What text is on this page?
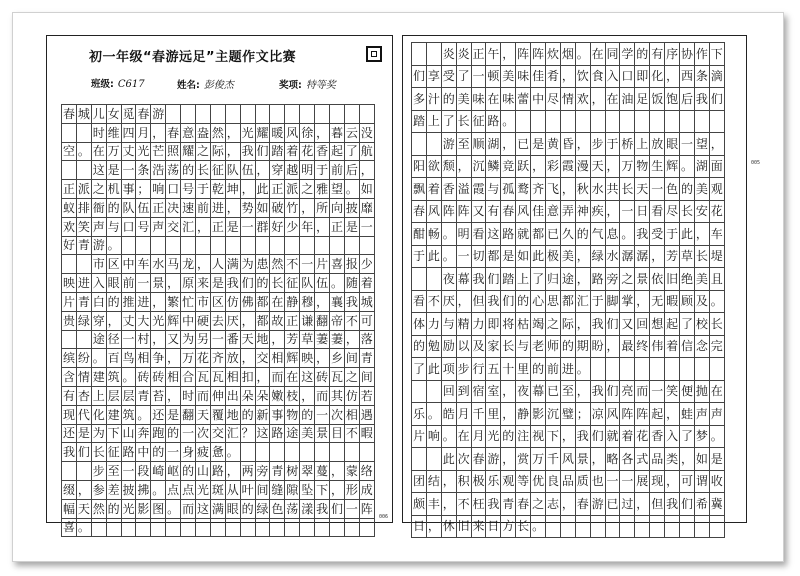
初一年级“春游远足”主题作文比赛
班级: C617	姓名: 彭俊杰	奖项: 特等奖
春 城 儿 女 觅 春 游
时 维 四 月 ， 春 意 盎 然 ， 光 耀 暖 风 徐 ， 暮 云 没
空 。 在 万 丈 光 芒 照 耀 之 际 ， 我 们 踏 着 花 香 起 了 航
这 是 一 条 浩 荡 的 长 征 队 伍 ， 穿 越 明 于 前 后 ，
正 派 之 机 事 ； 响 口 号 于 乾 坤 ， 此 正 派 之 雅 望 。 如
蚁 排 衙 的 队 伍 正 决 速 前 进 ， 势 如 破 竹 ， 所 向 披 靡
欢 笑 声 与 口 号 声 交 汇 ， 正 是 一 群 好 少 年 ， 正 是 一
好 青 游 。
市 区 中 车 水 马 龙 ， 人 满 为 患 然 不 一 片 喜 报 少
映 进 入 眼 前 一 景 ， 原 来 是 我 们 的 长 征 队 伍 。 随 着
片 青 白 的 推 进 ， 繁 忙 市 区 仿 佛 都 在 静 穆 ， 襄 我 城
贵 绿 穿 ， 丈 大 光 辉 中 硬 去 厌 ， 都 故 正 谦 翻 帝 不 可
途 径 一 村 ， 又 为 另 一 番 天 地 ， 芳 草 萋 萋 ， 落
缤 纷 。 百 鸟 相 争 ， 万 花 齐 放 ， 交 相 辉 映 ， 乡 间 青
含 情 建 筑 。 砖 砖 相 合 瓦 瓦 相 扣 ， 而 在 这 砖 瓦 之 间
有 杏 上 层 层 青 苔 ， 时 而 伸 出 朵 朵 嫩 枝 ， 而 其 仿 若
现 代 化 建 筑 。 还 是 翻 天 覆 地 的 新 事 物 的 一 次 相 遇
还 是 为 下 山 奔 跑 的 一 次 交 汇 ？ 这 路 途 美 景 目 不 暇
我 们 长 征 路 中 的 一 身 疲 惫 。
步 至 一 段 崎 岖 的 山 路 ， 两 旁 青 树 翠 蔓 ， 蒙 络
缀 ， 参 差 披 拂 。 点 点 光 斑 从 叶 间 缝 隙 坠 下 ， 形 成
幅 天 然 的 光 影 图 。 而 这 满 眼 的 绿 色 荡 漾 我 们 一 阵
喜 。
006
炎 炎 正 午 ， 阵 阵 炊 烟 。 在 同 学 的 有 序 协 作 下
们 享 受 了 一 顿 美 味 佳 肴 ， 饮 食 入 口 即 化 ， 西 条 滴
多 汁 的 美 味 在 味 蕾 中 尽 情 欢 ， 在 油 足 饭 饱 后 我 们
踏 上 了 长 征 路 。
游 至 顺 湖 ， 已 是 黄 昏 ， 步 于 桥 上 放 眼 一 望 ，
阳 欲 颓 ， 沉 鳞 竞 跃 ， 彩 霞 漫 天 ， 万 物 生 辉 。 湖 面
飘 着 香 溢 霞 与 孤 鹜 齐 飞 ， 秋 水 共 长 天 一 色 的 美 观
春 风 阵 阵 又 有 春 风 佳 意 弄 神 疾 ， 一 日 看 尽 长 安 花
酣 畅 。 明 看 这 路 就 都 已 久 的 气 息 。 我 受 于 此 ， 车
于 此 。 一 切 都 是 如 此 极 美 ， 绿 水 潺 潺 ， 芳 草 长 堤
夜 幕 我 们 踏 上 了 归 途 ， 路 旁 之 景 依 旧 绝 美 且
看 不 厌 ， 但 我 们 的 心 思 都 汇 于 脚 掌 ， 无 暇 顾 及 。
体 力 与 精 力 即 将 枯 竭 之 际 ， 我 们 又 回 想 起 了 校 长
的 勉 励 以 及 家 长 与 老 师 的 期 盼 ， 最 终 伟 着 信 念 完
了 此 项 步 行 五 十 里 的 前 进 。
回 到 宿 室 ， 夜 幕 已 至 ， 我 们 亮 而 一 笑 便 抛 在
乐 。 皓 月 千 里 ， 静 影 沉 璧 ； 凉 风 阵 阵 起 ， 蛙 声 声
片 响 。 在 月 光 的 注 视 下 ， 我 们 就 着 花 香 入 了 梦 。
此 次 春 游 ， 赏 万 千 风 景 ， 略 各 式 品 类 ， 如 是
团 结 ， 积 极 乐 观 等 优 良 品 质 也 一 一 展 现 ， 可 谓 收
颇 丰 ， 不 枉 我 青 春 之 志 ， 春 游 已 过 ， 但 我 们 希 冀
日 ， 休 旧 来 日 方 长 。
005
